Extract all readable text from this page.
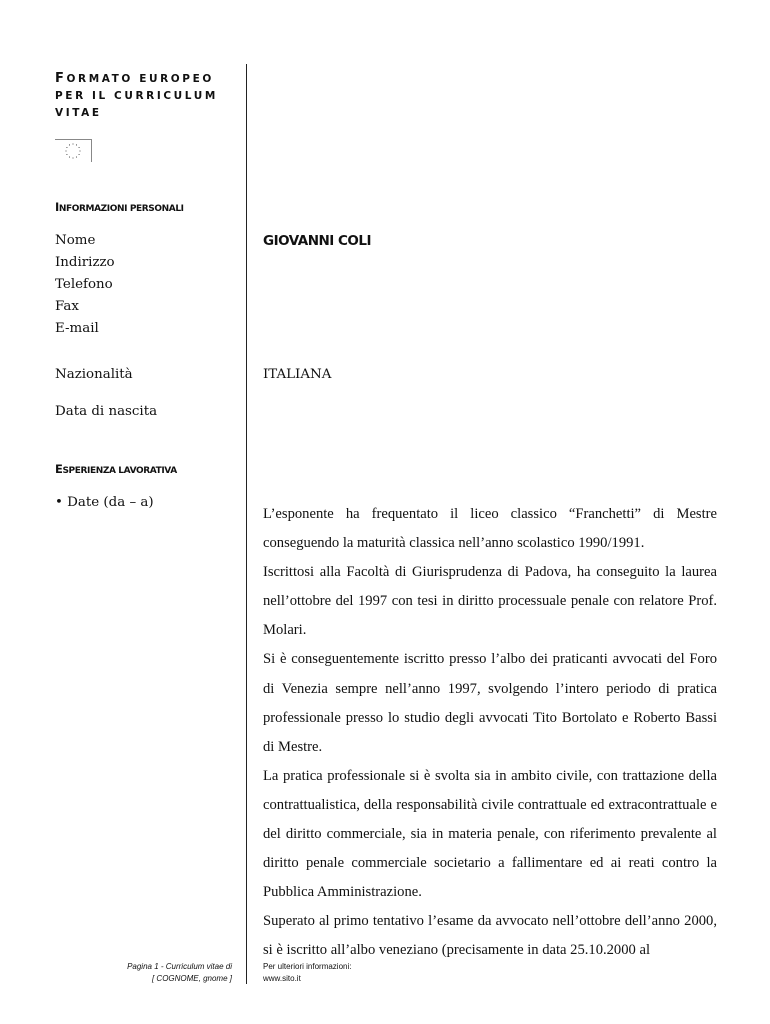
FORMATO EUROPEO
PER IL CURRICULUM
VITAE
INFORMAZIONI PERSONALI
Nome
Indirizzo
Telefono
Fax
E-mail
Nazionalità
Data di nascita
GIOVANNI COLI
ITALIANA
ESPERIENZA LAVORATIVA
• Date (da – a)

L’esponente ha frequentato il liceo classico “Franchetti” di Mestre conseguendo la maturità classica nell’anno scolastico 1990/1991.

Iscrittosi alla Facoltà di Giurisprudenza di Padova, ha conseguito la laurea nell’ottobre del 1997 con tesi in diritto processuale penale con relatore Prof. Molari.

Si è conseguentemente iscritto presso l’albo dei praticanti avvocati del Foro di Venezia sempre nell’anno 1997, svolgendo l’intero periodo di pratica professionale presso lo studio degli avvocati Tito Bortolato e Roberto Bassi di Mestre.

La pratica professionale si è svolta sia in ambito civile, con trattazione della contrattualistica, della responsabilità civile contrattuale ed extracontrattuale e del diritto commerciale, sia in materia penale, con riferimento prevalente al diritto penale commerciale societario a fallimentare ed ai reati contro la Pubblica Amministrazione.

Superato al primo tentativo l’esame da avvocato nell’ottobre dell’anno 2000, si è iscritto all’albo veneziano (precisamente in data 25.10.2000 al

Pagina 1 - Curriculum vitae di
[ COGNOME, gnome ]
Per ulteriori informazioni:
www.sito.it
